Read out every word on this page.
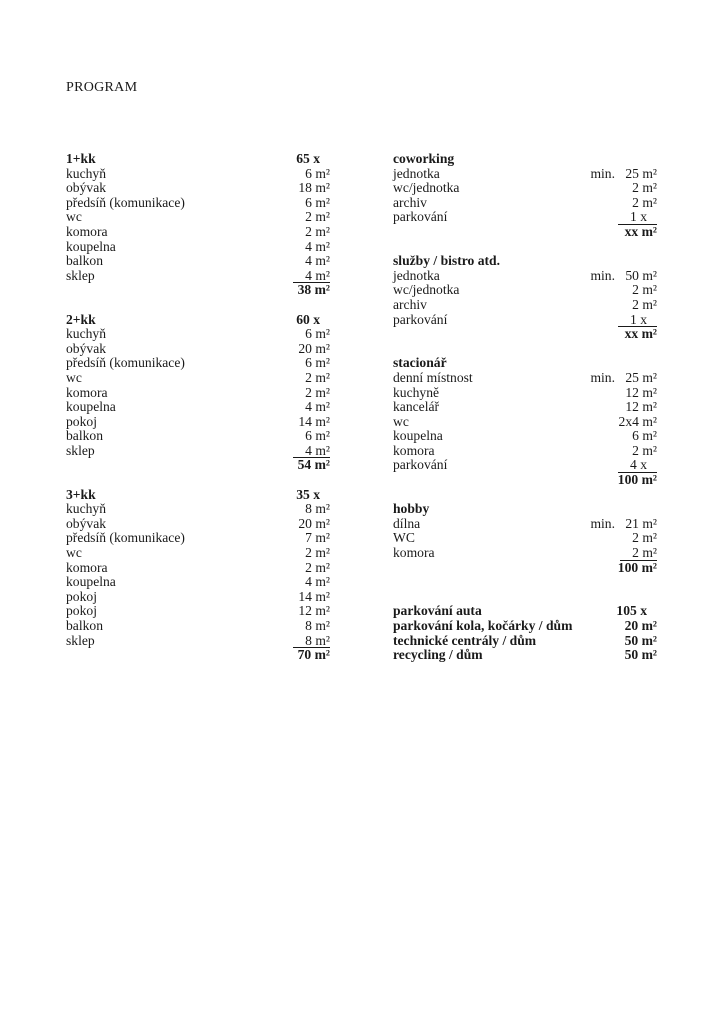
PROGRAM
1+kk	65 x
kuchyň	6 m²
obývak	18 m²
předsíň (komunikace)	6 m²
wc	2 m²
komora	2 m²
koupelna	4 m²
balkon	4 m²
sklep	4 m²
38 m²
2+kk	60 x
kuchyň	6 m²
obývak	20 m²
předsíň (komunikace)	6 m²
wc	2 m²
komora	2 m²
koupelna	4 m²
pokoj	14 m²
balkon	6 m²
sklep	4 m²
54 m²
3+kk	35 x
kuchyň	8 m²
obývak	20 m²
předsíň (komunikace)	7 m²
wc	2 m²
komora	2 m²
koupelna	4 m²
pokoj	14 m²
pokoj	12 m²
balkon	8 m²
sklep	8 m²
70 m²
coworking
jednotka	min. 25 m²
wc/jednotka	2 m²
archiv	2 m²
parkování	1 x
xx m²
služby / bistro atd.
jednotka	min. 50 m²
wc/jednotka	2 m²
archiv	2 m²
parkování	1 x
xx m²
stacionář
denní místnost	min. 25 m²
kuchyně	12 m²
kancelář	12 m²
wc	2x4 m²
koupelna	6 m²
komora	2 m²
parkování	4 x
100 m²
hobby
dílna	min. 21 m²
WC	2 m²
komora	2 m²
100 m²
parkování auta	105 x
parkování kola, kočárky / dům	20 m²
technické centrály / dům	50 m²
recycling / dům	50 m²
